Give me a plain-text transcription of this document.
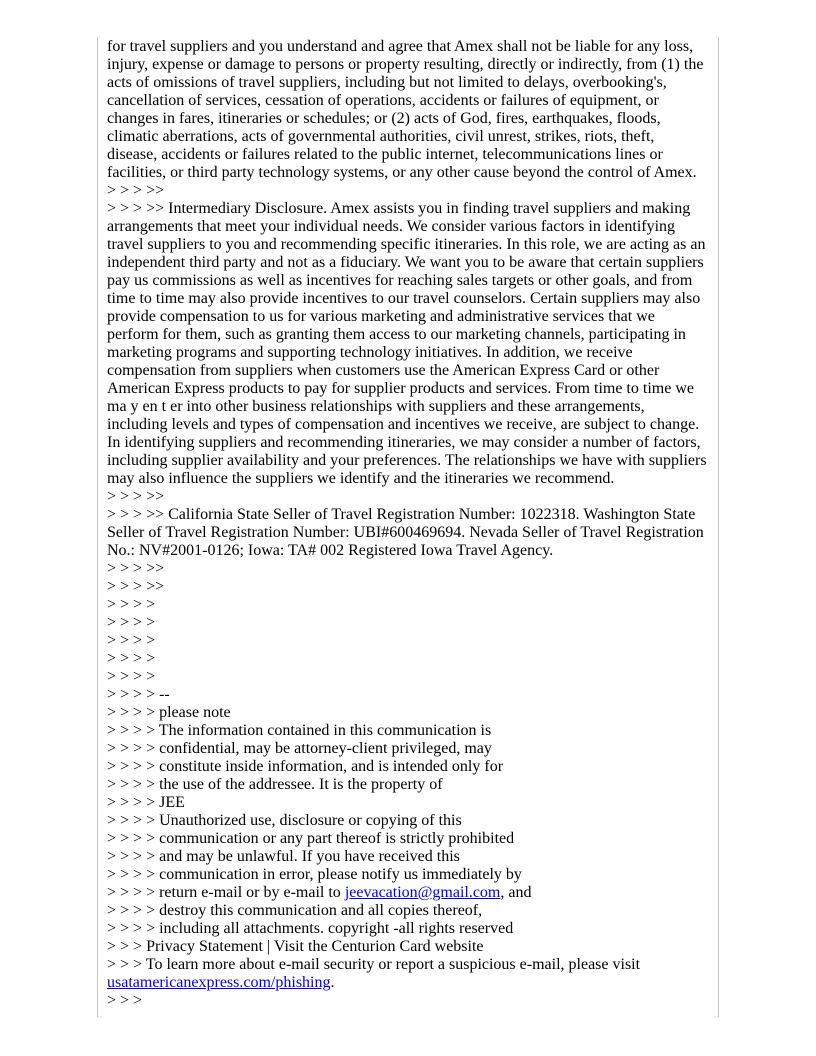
for travel suppliers and you understand and agree that Amex shall not be liable for any loss,
injury, expense or damage to persons or property resulting, directly or indirectly, from (1) the
acts of omissions of travel suppliers, including but not limited to delays, overbooking's,
cancellation of services, cessation of operations, accidents or failures of equipment, or
changes in fares, itineraries or schedules; or (2) acts of God, fires, earthquakes, floods,
climatic aberrations, acts of governmental authorities, civil unrest, strikes, riots, theft,
disease, accidents or failures related to the public internet, telecommunications lines or
facilities, or third party technology systems, or any other cause beyond the control of Amex.
> > > >>
> > > >> Intermediary Disclosure. Amex assists you in finding travel suppliers and making
arrangements that meet your individual needs. We consider various factors in identifying
travel suppliers to you and recommending specific itineraries. In this role, we are acting as an
independent third party and not as a fiduciary. We want you to be aware that certain suppliers
pay us commissions as well as incentives for reaching sales targets or other goals, and from
time to time may also provide incentives to our travel counselors. Certain suppliers may also
provide compensation to us for various marketing and administrative services that we
perform for them, such as granting them access to our marketing channels, participating in
marketing programs and supporting technology initiatives. In addition, we receive
compensation from suppliers when customers use the American Express Card or other
American Express products to pay for supplier products and services. From time to time we
ma y en t er into other business relationships with suppliers and these arrangements,
including levels and types of compensation and incentives we receive, are subject to change.
In identifying suppliers and recommending itineraries, we may consider a number of factors,
including supplier availability and your preferences. The relationships we have with suppliers
may also influence the suppliers we identify and the itineraries we recommend.
> > > >>
> > > >> California State Seller of Travel Registration Number: 1022318. Washington State
Seller of Travel Registration Number: UBI#600469694. Nevada Seller of Travel Registration
No.: NV#2001-0126; Iowa: TA# 002 Registered Iowa Travel Agency.
> > > >>
> > > >>
> > > >
> > > >
> > > >
> > > >
> > > >
> > > > --
> > > > please note
> > > > The information contained in this communication is
> > > > confidential, may be attorney-client privileged, may
> > > > constitute inside information, and is intended only for
> > > > the use of the addressee. It is the property of
> > > > JEE
> > > > Unauthorized use, disclosure or copying of this
> > > > communication or any part thereof is strictly prohibited
> > > > and may be unlawful. If you have received this
> > > > communication in error, please notify us immediately by
> > > > return e-mail or by e-mail to jeevacation@gmail.com, and
> > > > destroy this communication and all copies thereof,
> > > > including all attachments. copyright -all rights reserved
> > > Privacy Statement | Visit the Centurion Card website
> > > To learn more about e-mail security or report a suspicious e-mail, please visit
usatamericanexpress.com/phishing.
> > >
